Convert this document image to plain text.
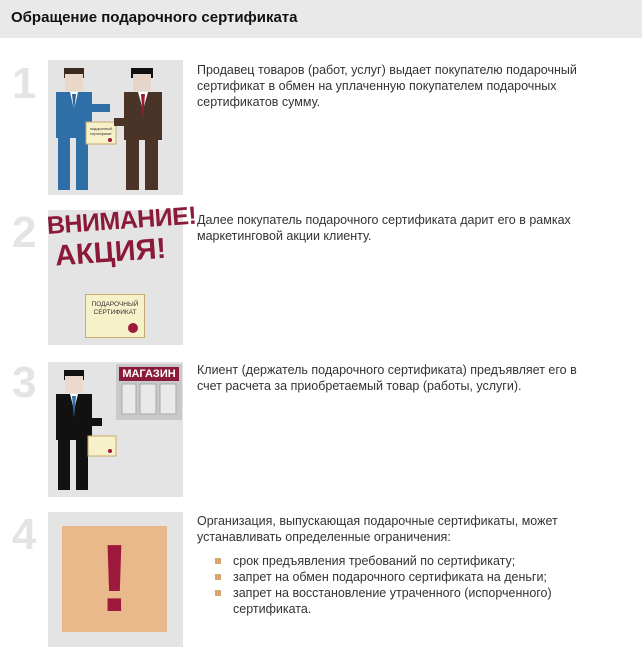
Обращение подарочного сертификата
1
подарочный
сертификат
Продавец товаров (работ, услуг) выдает покупателю подарочный сертификат в обмен на уплаченную покупателем подарочных сертификатов сумму.
2 ВНИМАНИЕ!
АКЦИЯ!
ПОДАРОЧНЫЙ
СЕРТИФИКАТ
Далее покупатель подарочного сертификата дарит его в рамках маркетинговой акции клиенту.
3	МАГАЗИН Клиент (держатель подарочного сертификата) предъявляет его в счет расчета за приобретаемый товар (работы, услуги).
4 !

Организация, выпускающая подарочные сертификаты, может устанавливать определенные ограничения:

срок предъявления требований по сертификату;
запрет на обмен подарочного сертификата на деньги;
запрет на восстановление утраченного (испорченного) сертификата.
